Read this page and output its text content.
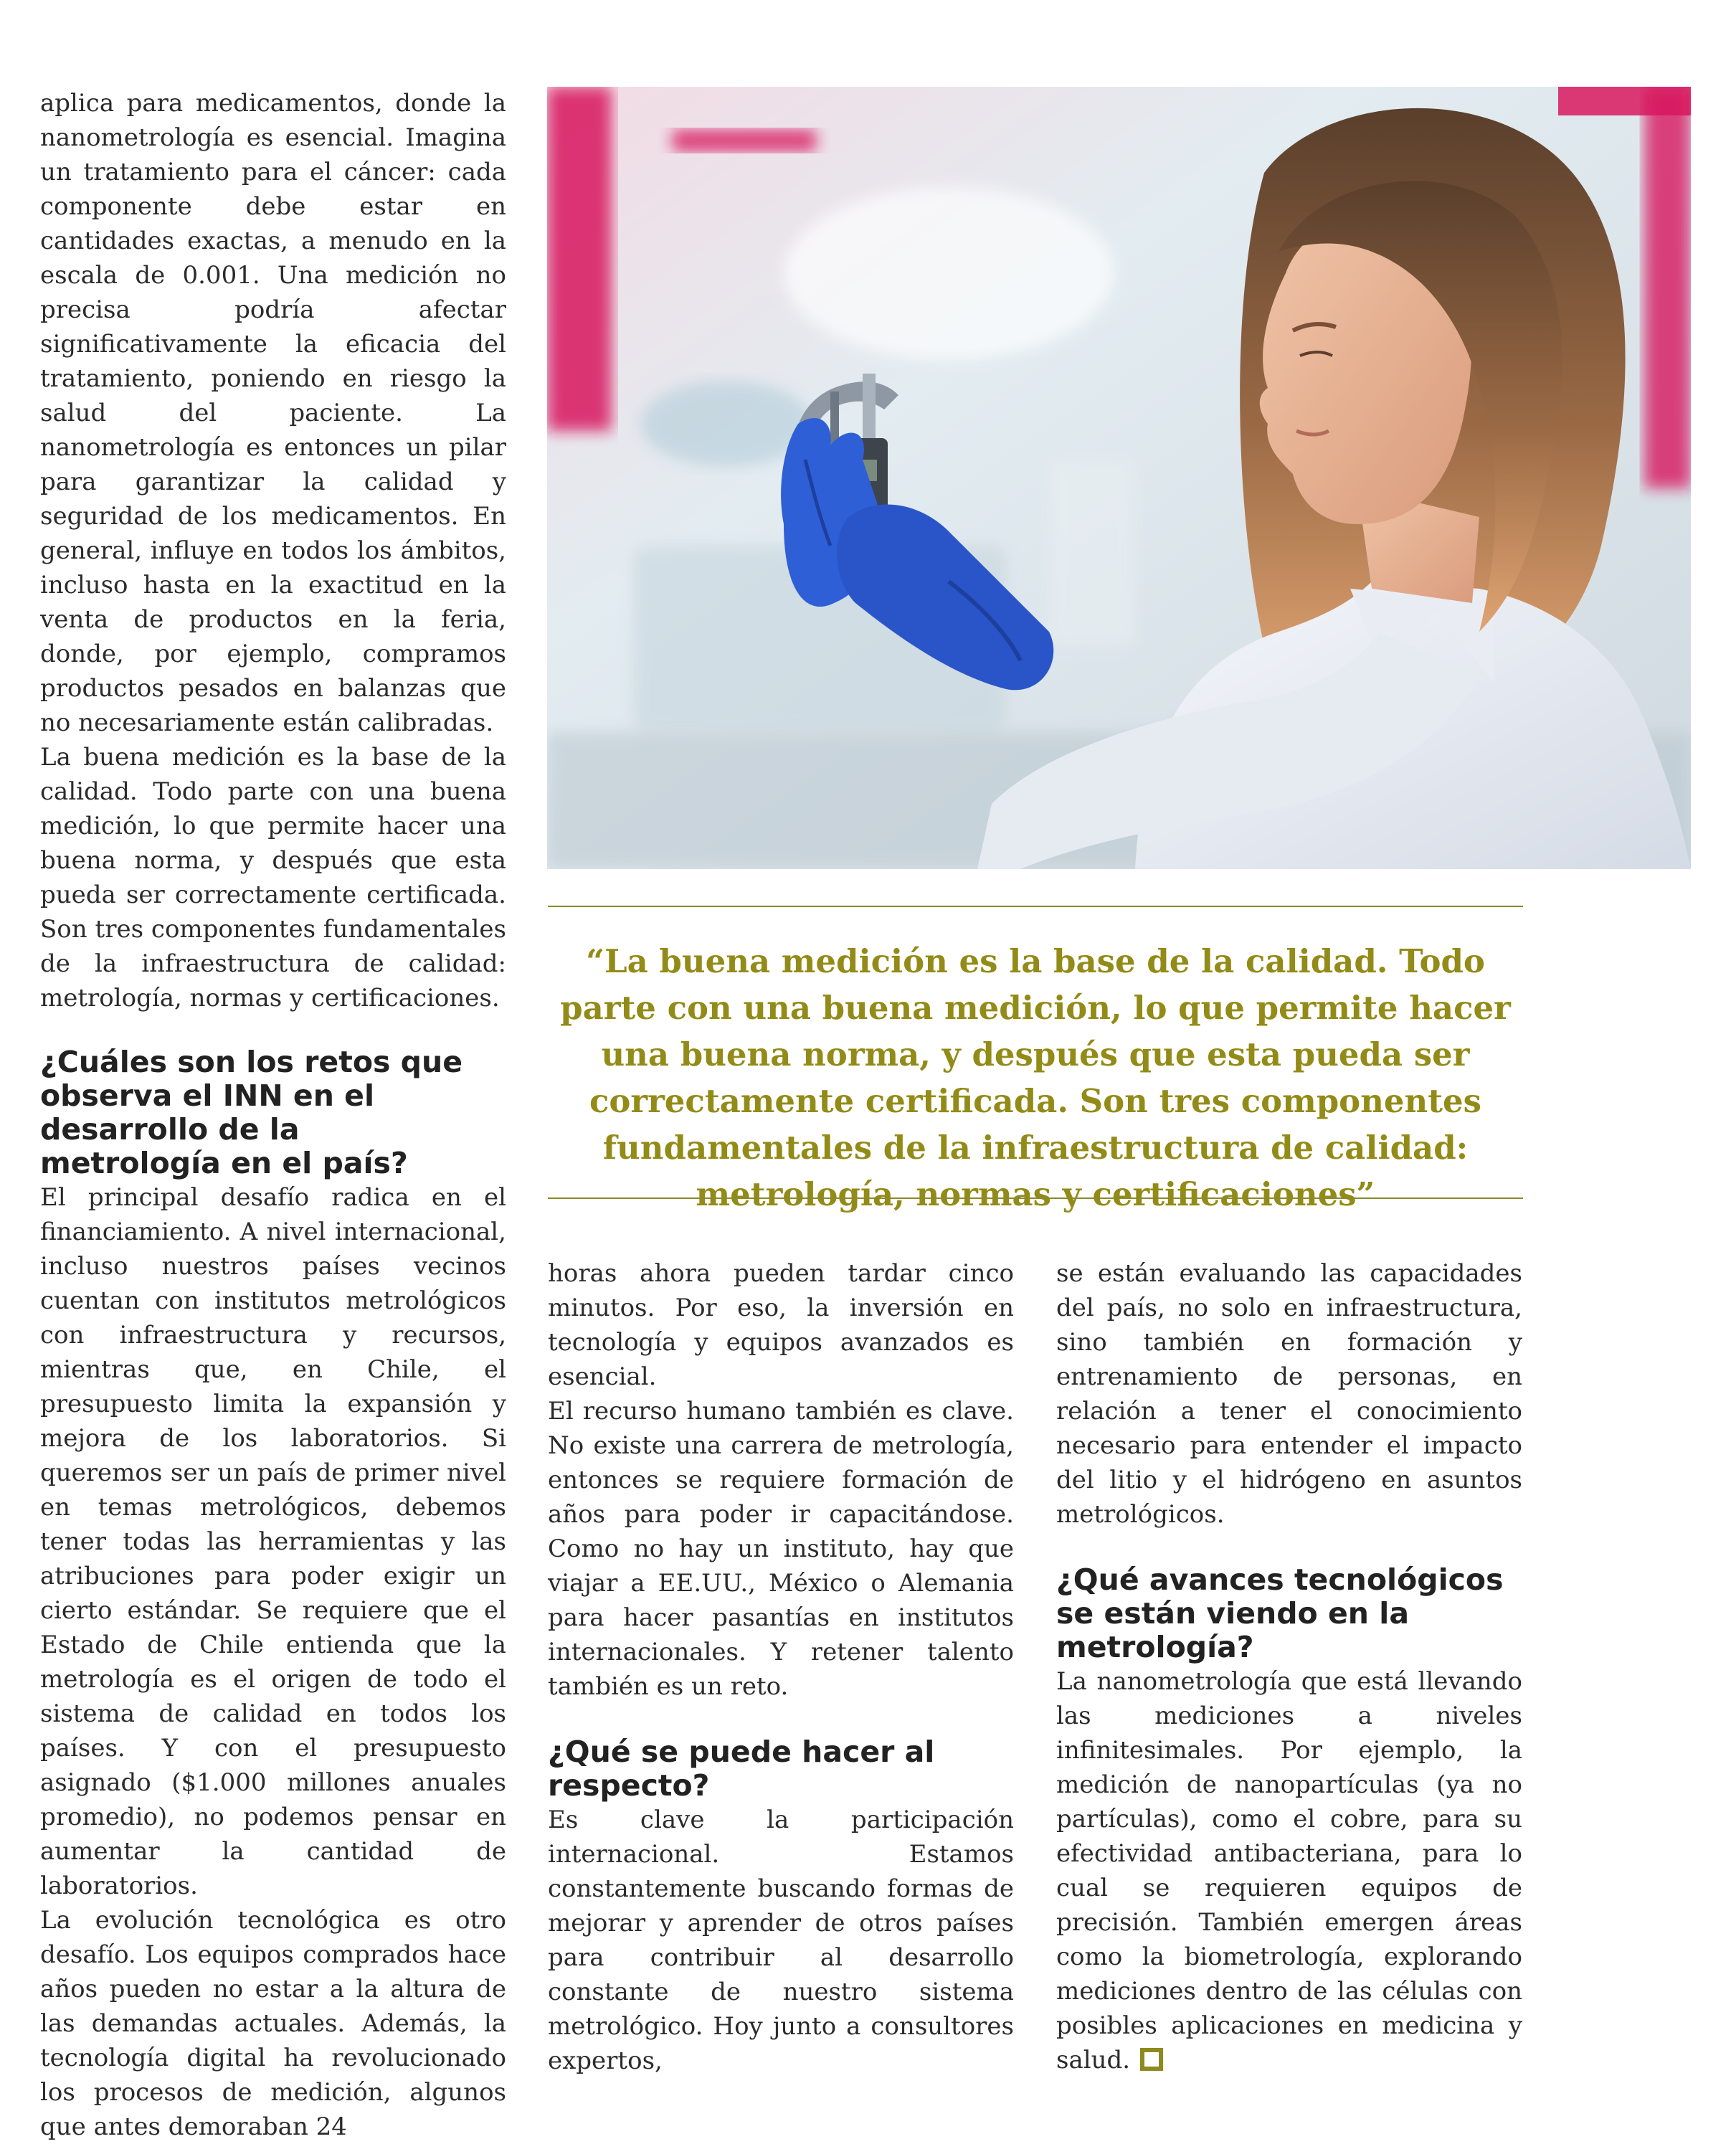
aplica para medicamentos, donde la nanometrología es esencial. Imagina un tratamiento para el cáncer: cada componente debe estar en cantidades exactas, a menudo en la escala de 0.001. Una medición no precisa podría afectar significativamente la eficacia del tratamiento, poniendo en riesgo la salud del paciente. La nanometrología es entonces un pilar para garantizar la calidad y seguridad de los medicamentos. En general, influye en todos los ámbitos, incluso hasta en la exactitud en la venta de productos en la feria, donde, por ejemplo, compramos productos pesados en balanzas que no necesariamente están calibradas.

La buena medición es la base de la calidad. Todo parte con una buena medición, lo que permite hacer una buena norma, y después que esta pueda ser correctamente certificada. Son tres componentes fundamentales de la infraestructura de calidad: metrología, normas y certificaciones.

¿Cuáles son los retos que observa el INN en el desarrollo de la metrología en el país?

El principal desafío radica en el financiamiento. A nivel internacional, incluso nuestros países vecinos cuentan con institutos metrológicos con infraestructura y recursos, mientras que, en Chile, el presupuesto limita la expansión y mejora de los laboratorios. Si queremos ser un país de primer nivel en temas metrológicos, debemos tener todas las herramientas y las atribuciones para poder exigir un cierto estándar. Se requiere que el Estado de Chile entienda que la metrología es el origen de todo el sistema de calidad en todos los países. Y con el presupuesto asignado ($1.000 millones anuales promedio), no podemos pensar en aumentar la cantidad de laboratorios.

La evolución tecnológica es otro desafío. Los equipos comprados hace años pueden no estar a la altura de las demandas actuales. Además, la tecnología digital ha revolucionado los procesos de medición, algunos que antes demoraban 24

“La buena medición es la base de la calidad. Todo parte con una buena medición, lo que permite hacer una buena norma, y después que esta pueda ser correctamente certificada. Son tres componentes fundamentales de la infraestructura de calidad: metrología, normas y certificaciones”

horas ahora pueden tardar cinco minutos. Por eso, la inversión en tecnología y equipos avanzados es esencial.

El recurso humano también es clave. No existe una carrera de metrología, entonces se requiere formación de años para poder ir capacitándose. Como no hay un instituto, hay que viajar a EE.UU., México o Alemania para hacer pasantías en institutos internacionales. Y retener talento también es un reto.

¿Qué se puede hacer al respecto?

Es clave la participación internacional. Estamos constantemente buscando formas de mejorar y aprender de otros países para contribuir al desarrollo constante de nuestro sistema metrológico. Hoy junto a consultores expertos,

se están evaluando las capacidades del país, no solo en infraestructura, sino también en formación y entrenamiento de personas, en relación a tener el conocimiento necesario para entender el impacto del litio y el hidrógeno en asuntos metrológicos.

¿Qué avances tecnológicos se están viendo en la metrología?

La nanometrología que está llevando las mediciones a niveles infinitesimales. Por ejemplo, la medición de nanopartículas (ya no partículas), como el cobre, para su efectividad antibacteriana, para lo cual se requieren equipos de precisión. También emergen áreas como la biometrología, explorando mediciones dentro de las células con posibles aplicaciones en medicina y salud.
